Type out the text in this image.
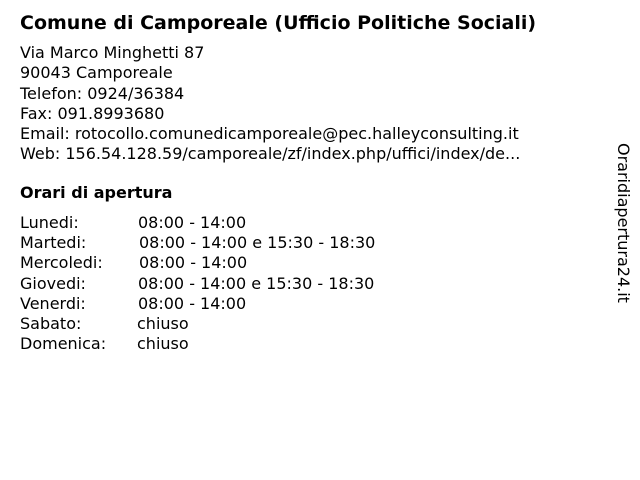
Comune di Camporeale (Ufficio Politiche Sociali)
Via Marco Minghetti 87
90043 Camporeale
Telefon: 0924/36384
Fax: 091.8993680
Email: rotocollo.comunedicamporeale@pec.halleyconsulting.it
Web: 156.54.128.59/camporeale/zf/index.php/uffici/index/de...
Orari di apertura
Lunedi:	08:00 - 14:00
Martedi:	08:00 - 14:00 e 15:30 - 18:30
Mercoledi: 08:00 - 14:00
Giovedi:	08:00 - 14:00 e 15:30 - 18:30
Venerdi:	08:00 - 14:00
Sabato:	chiuso
Domenica: chiuso
Oraridiapertura24.it
